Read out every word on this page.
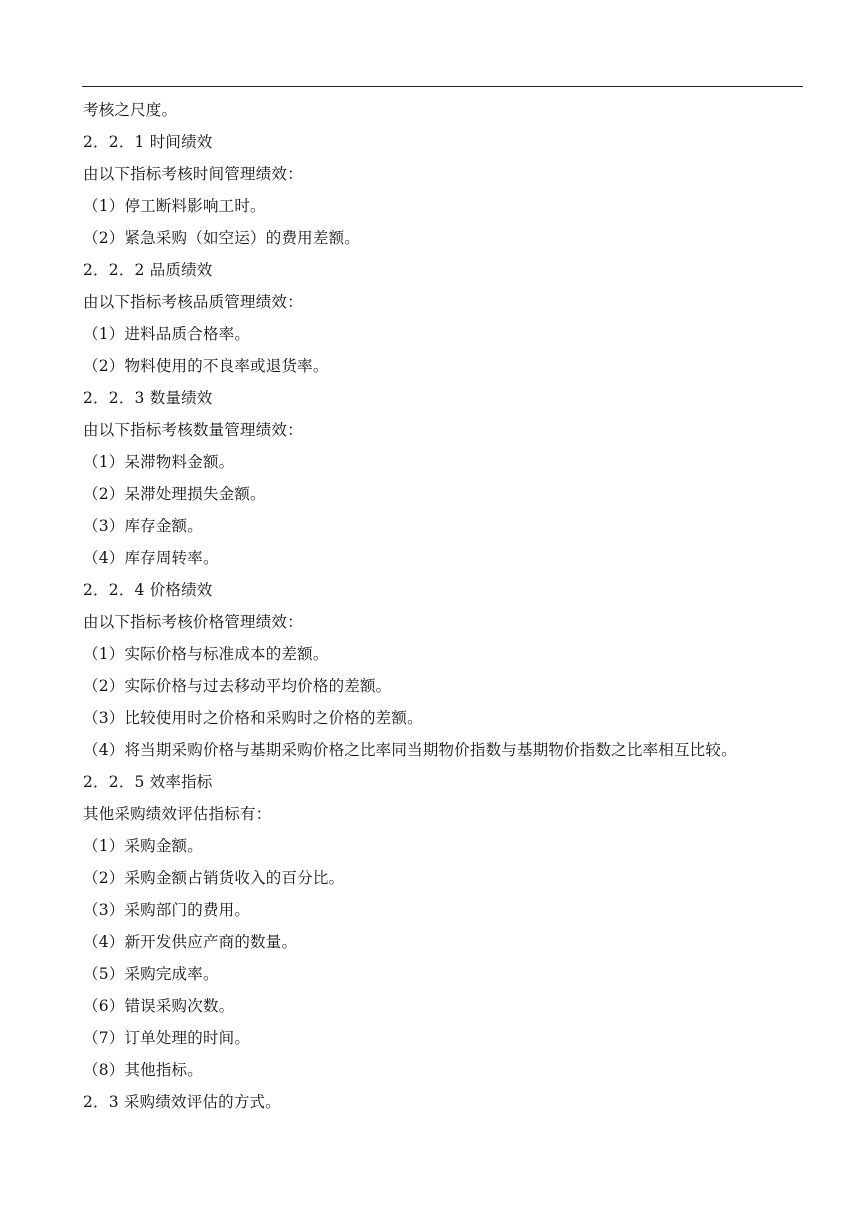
考核之尺度。
2．2．1 时间绩效
由以下指标考核时间管理绩效：
（1）停工断料影响工时。
（2）紧急采购（如空运）的费用差额。
2．2．2 品质绩效
由以下指标考核品质管理绩效：
（1）进料品质合格率。
（2）物料使用的不良率或退货率。
2．2．3 数量绩效
由以下指标考核数量管理绩效：
（1）呆滞物料金额。
（2）呆滞处理损失金额。
（3）库存金额。
（4）库存周转率。
2．2．4 价格绩效
由以下指标考核价格管理绩效：
（1）实际价格与标准成本的差额。
（2）实际价格与过去移动平均价格的差额。
（3）比较使用时之价格和采购时之价格的差额。
（4）将当期采购价格与基期采购价格之比率同当期物价指数与基期物价指数之比率相互比较。
2．2．5 效率指标
其他采购绩效评估指标有：
（1）采购金额。
（2）采购金额占销货收入的百分比。
（3）采购部门的费用。
（4）新开发供应产商的数量。
（5）采购完成率。
（6）错误采购次数。
（7）订单处理的时间。
（8）其他指标。
2．3 采购绩效评估的方式。
